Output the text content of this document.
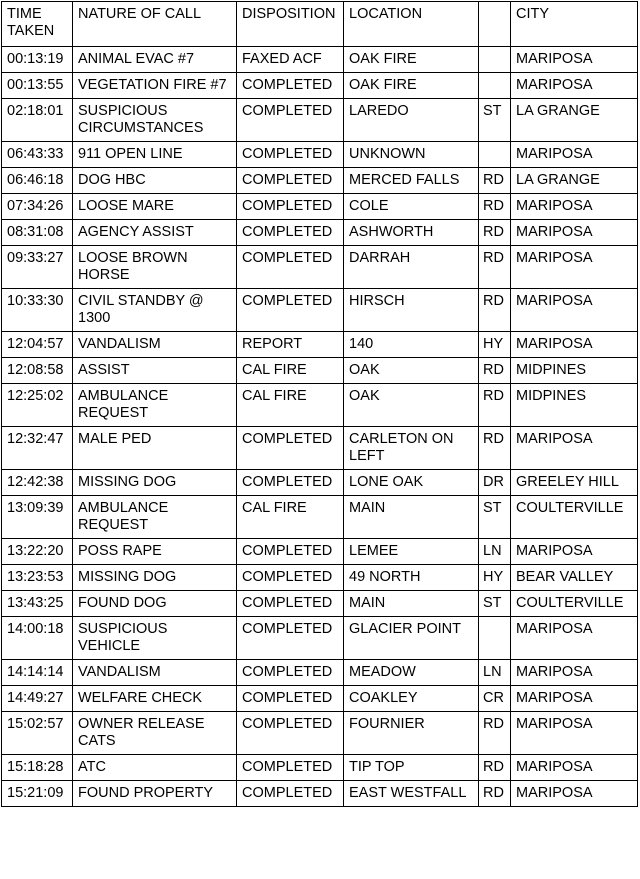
TIME TAKEN	NATURE OF CALL	DISPOSITION	LOCATION		CITY
00:13:19	ANIMAL EVAC #7	FAXED ACF	OAK FIRE		MARIPOSA
00:13:55	VEGETATION FIRE #7	COMPLETED	OAK FIRE		MARIPOSA
02:18:01	SUSPICIOUS CIRCUMSTANCES	COMPLETED	LAREDO	ST	LA GRANGE
06:43:33	911 OPEN LINE	COMPLETED	UNKNOWN		MARIPOSA
06:46:18	DOG HBC	COMPLETED	MERCED FALLS	RD	LA GRANGE
07:34:26	LOOSE MARE	COMPLETED	COLE	RD	MARIPOSA
08:31:08	AGENCY ASSIST	COMPLETED	ASHWORTH	RD	MARIPOSA
09:33:27	LOOSE BROWN HORSE	COMPLETED	DARRAH	RD	MARIPOSA
10:33:30	CIVIL STANDBY @ 1300	COMPLETED	HIRSCH	RD	MARIPOSA
12:04:57	VANDALISM	REPORT	140	HY	MARIPOSA
12:08:58	ASSIST	CAL FIRE	OAK	RD	MIDPINES
12:25:02	AMBULANCE REQUEST	CAL FIRE	OAK	RD	MIDPINES
12:32:47	MALE PED	COMPLETED	CARLETON ON LEFT	RD	MARIPOSA
12:42:38	MISSING DOG	COMPLETED	LONE OAK	DR	GREELEY HILL
13:09:39	AMBULANCE REQUEST	CAL FIRE	MAIN	ST	COULTERVILLE
13:22:20	POSS RAPE	COMPLETED	LEMEE	LN	MARIPOSA
13:23:53	MISSING DOG	COMPLETED	49 NORTH	HY	BEAR VALLEY
13:43:25	FOUND DOG	COMPLETED	MAIN	ST	COULTERVILLE
14:00:18	SUSPICIOUS VEHICLE	COMPLETED	GLACIER POINT		MARIPOSA
14:14:14	VANDALISM	COMPLETED	MEADOW	LN	MARIPOSA
14:49:27	WELFARE CHECK	COMPLETED	COAKLEY	CR	MARIPOSA
15:02:57	OWNER RELEASE CATS	COMPLETED	FOURNIER	RD	MARIPOSA
15:18:28	ATC	COMPLETED	TIP TOP	RD	MARIPOSA
15:21:09	FOUND PROPERTY	COMPLETED	EAST WESTFALL	RD	MARIPOSA
